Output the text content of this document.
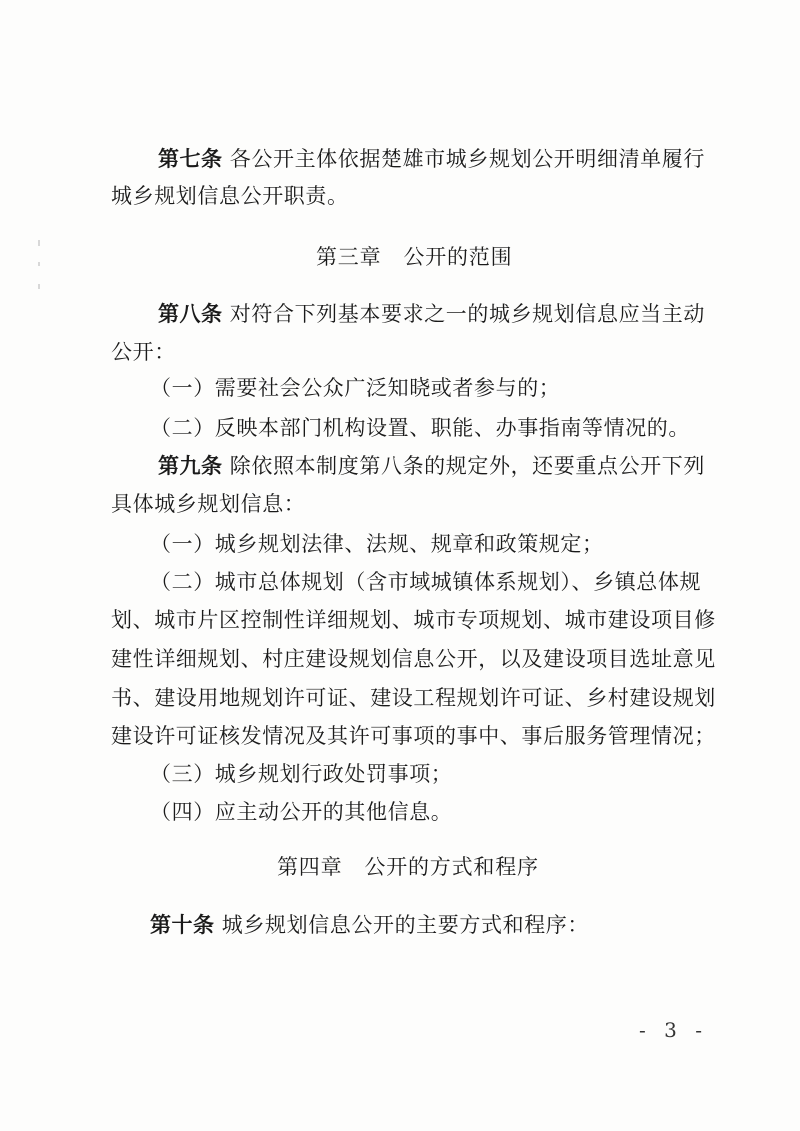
第七条 各公开主体依据楚雄市城乡规划公开明细清单履行
城乡规划信息公开职责。
第三章 公开的范围
第八条 对符合下列基本要求之一的城乡规划信息应当主动
公开：
（一）需要社会公众广泛知晓或者参与的；
（二）反映本部门机构设置、职能、办事指南等情况的。
第九条 除依照本制度第八条的规定外，还要重点公开下列
具体城乡规划信息：
（一）城乡规划法律、法规、规章和政策规定；
（二）城市总体规划（含市域城镇体系规划）、乡镇总体规
划、城市片区控制性详细规划、城市专项规划、城市建设项目修
建性详细规划、村庄建设规划信息公开，以及建设项目选址意见
书、建设用地规划许可证、建设工程规划许可证、乡村建设规划
建设许可证核发情况及其许可事项的事中、事后服务管理情况；
（三）城乡规划行政处罚事项；
（四）应主动公开的其他信息。
第四章 公开的方式和程序
第十条 城乡规划信息公开的主要方式和程序：
- 3 -
